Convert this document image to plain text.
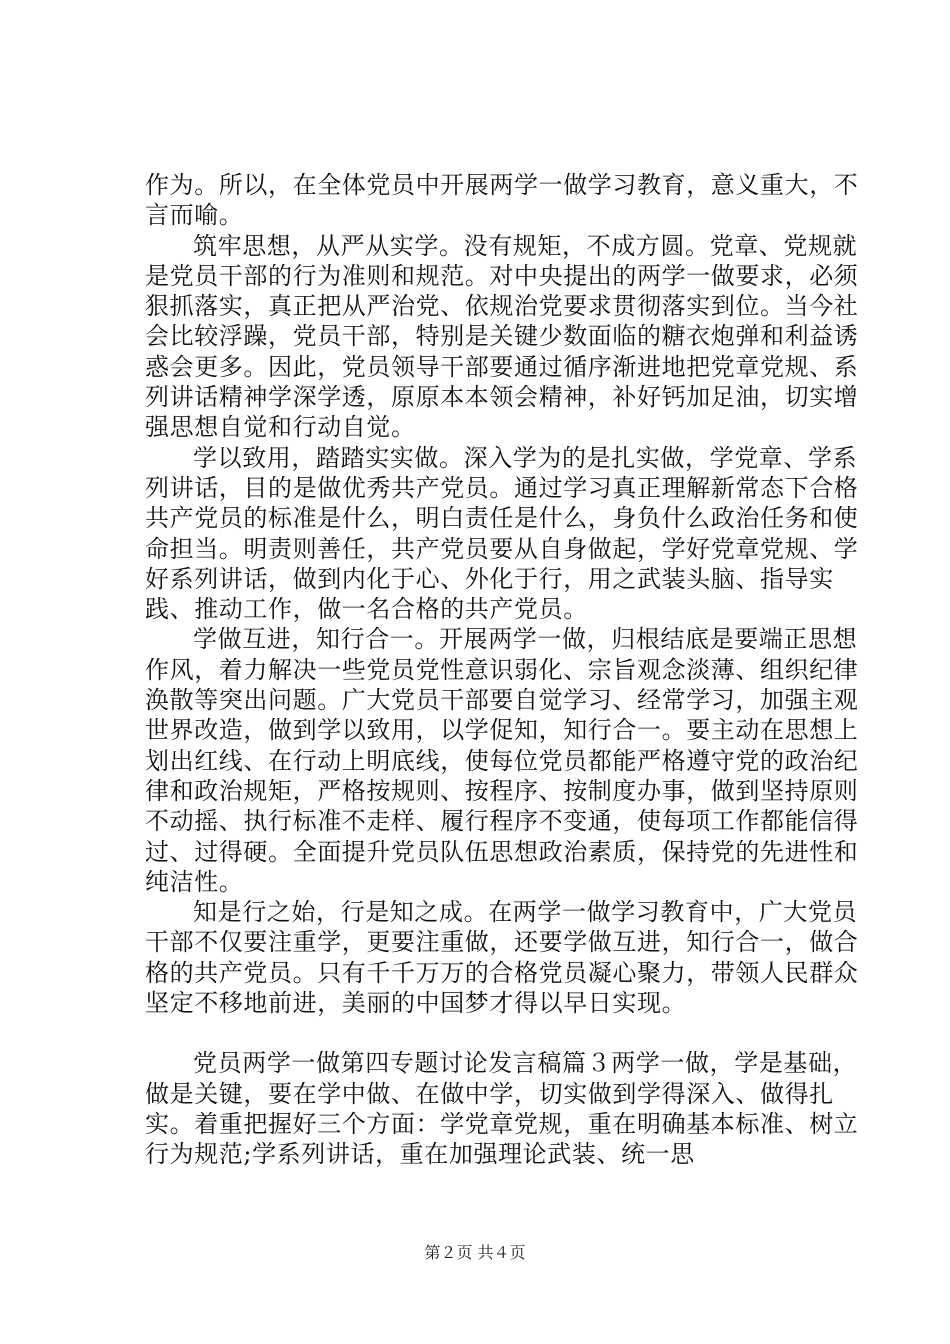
作为。所以，在全体党员中开展两学一做学习教育，意义重大，不言而喻。

筑牢思想，从严从实学。没有规矩，不成方圆。党章、党规就是党员干部的行为准则和规范。对中央提出的两学一做要求，必须狠抓落实，真正把从严治党、依规治党要求贯彻落实到位。当今社会比较浮躁，党员干部，特别是关键少数面临的糖衣炮弹和利益诱惑会更多。因此，党员领导干部要通过循序渐进地把党章党规、系列讲话精神学深学透，原原本本领会精神，补好钙加足油，切实增强思想自觉和行动自觉。

学以致用，踏踏实实做。深入学为的是扎实做，学党章、学系列讲话，目的是做优秀共产党员。通过学习真正理解新常态下合格共产党员的标准是什么，明白责任是什么，身负什么政治任务和使命担当。明责则善任，共产党员要从自身做起，学好党章党规、学好系列讲话，做到内化于心、外化于行，用之武装头脑、指导实践、推动工作，做一名合格的共产党员。

学做互进，知行合一。开展两学一做，归根结底是要端正思想作风，着力解决一些党员党性意识弱化、宗旨观念淡薄、组织纪律涣散等突出问题。广大党员干部要自觉学习、经常学习，加强主观世界改造，做到学以致用，以学促知，知行合一。要主动在思想上划出红线、在行动上明底线，使每位党员都能严格遵守党的政治纪律和政治规矩，严格按规则、按程序、按制度办事，做到坚持原则不动摇、执行标准不走样、履行程序不变通，使每项工作都能信得过、过得硬。全面提升党员队伍思想政治素质，保持党的先进性和纯洁性。

知是行之始，行是知之成。在两学一做学习教育中，广大党员干部不仅要注重学，更要注重做，还要学做互进，知行合一，做合格的共产党员。只有千千万万的合格党员凝心聚力，带领人民群众坚定不移地前进，美丽的中国梦才得以早日实现。

党员两学一做第四专题讨论发言稿篇３两学一做，学是基础，做是关键，要在学中做、在做中学，切实做到学得深入、做得扎实。着重把握好三个方面：学党章党规，重在明确基本标准、树立行为规范;学系列讲话，重在加强理论武装、统一思

第２页 共４页
